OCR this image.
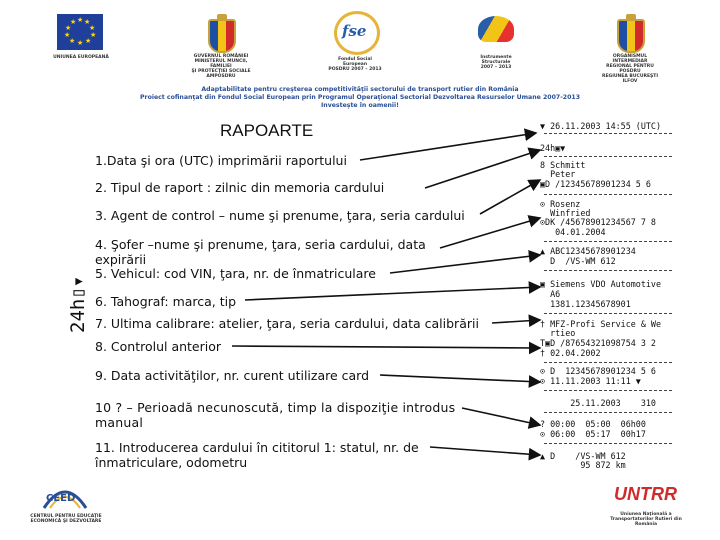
★ ★
★
★
★
★
★
★
★
★
UNIUNEA EUROPEANĂ	GUVERNUL ROMÂNIEI
MINISTERUL MUNCII, FAMILIEI
ŞI PROTECŢIEI SOCIALE
AMPOSDRU
fse
Fondul Social European
POSDRU 2007 – 2013
Instrumente Structurale
2007 – 2013
ORGANISMUL INTERMEDIAR
REGIONAL PENTRU POSDRU
REGIUNEA BUCUREŞTI ILFOV
Adaptabilitate pentru creşterea competitivităţii sectorului de transport rutier din România
Proiect cofinanţat din Fondul Social European prin Programul Operaţional Sectorial Dezvoltarea Resurselor Umane 2007-2013
Investeşte în oamenii!
RAPOARTE
24h▯▾
1.Data şi ora (UTC) imprimării raportului
2. Tipul de raport : zilnic din memoria cardului
3. Agent de control – nume şi prenume, ţara, seria cardului
4. Şofer –nume şi prenume, ţara, seria cardului, data expirării
5. Vehicul: cod VIN, ţara, nr. de înmatriculare
6. Tahograf: marca, tip
7. Ultima calibrare: atelier, ţara, seria cardului, data calibrării
8. Controlul anterior
9. Data activităţilor, nr. curent utilizare card
10 ? – Perioadă necunoscută, timp la dispoziţie introdus manual
11. Introducerea cardului în cititorul 1: statul, nr. de înmatriculare, odometru
▼ 26.11.2003 14:55 (UTC)
24h▣▼
8 Schmitt
Peter
▣D /12345678901234 5 6
⊙ Rosenz
Winfried
⊙DK /45678901234567 7 8
04.01.2004
▲ ABC12345678901234
D  /VS-WM 612
▣ Siemens VDO Automotive
A6
1381.12345678901
† MFZ-Profi Service & We
rtieo
T▣D /87654321098754 3 2
† 02.04.2002
⊙ D  12345678901234 5 6
⊙ 11.11.2003 11:11 ▼
25.11.2003    310
? 00:00  05:00  06h00
⊙ 06:00  05:17  00h17
▲ D    /VS-WM 612
95 872 km
CEED
CENTRUL PENTRU EDUCAŢIE
ECONOMICĂ ŞI DEZVOLTARE
UNTRR
Uniunea Naţională a
Transportatorilor Rutieri din
România
